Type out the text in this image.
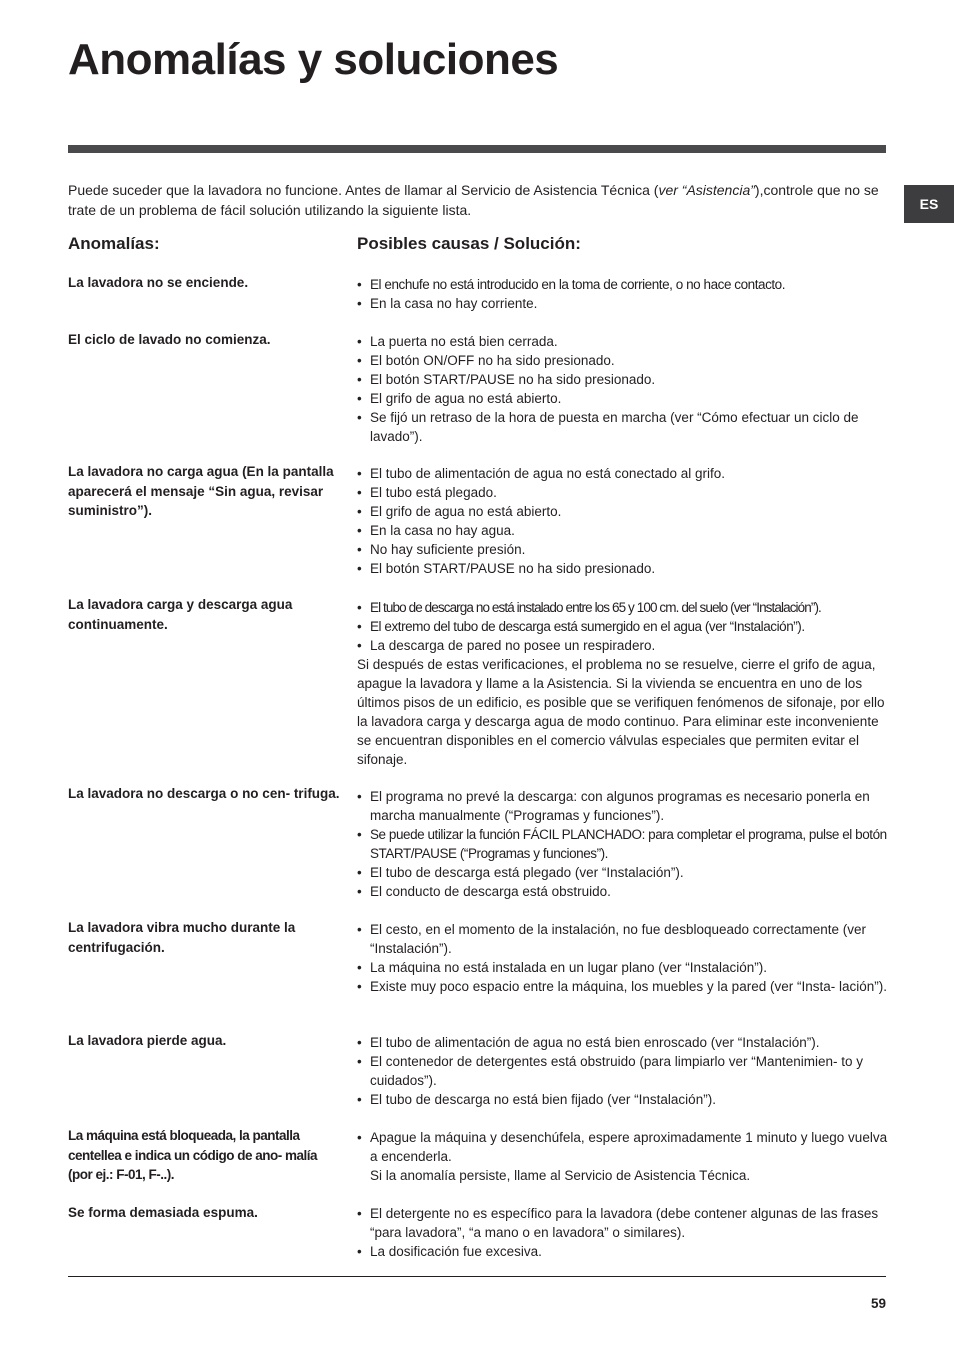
Anomalías y soluciones
ES
Puede suceder que la lavadora no funcione. Antes de llamar al Servicio de Asistencia Técnica (ver “Asistencia”),controle que no se trate de un problema de fácil solución utilizando la siguiente lista.
Anomalías:	Posibles causas / Solución:
La lavadora no se enciende.	• El enchufe no está introducido en la toma de corriente, o no hace contacto.
• En la casa no hay corriente.
El ciclo de lavado no comienza.	• La puerta no está bien cerrada.
• El botón ON/OFF no ha sido presionado.
• El botón START/PAUSE no ha sido presionado.
• El grifo de agua no está abierto.
• Se fijó un retraso de la hora de puesta en marcha (ver “Cómo efectuar un ciclo de lavado”).
La lavadora no carga agua (En la pantalla aparecerá el mensaje “Sin agua, revisar suministro”).
• El tubo de alimentación de agua no está conectado al grifo.
• El tubo está plegado.
• El grifo de agua no está abierto.
• En la casa no hay agua.
• No hay suficiente presión.
• El botón START/PAUSE no ha sido presionado.
La lavadora carga y descarga agua continuamente.
• El tubo de descarga no está instalado entre los 65 y 100 cm. del suelo (ver “Instalación”).
• El extremo del tubo de descarga está sumergido en el agua (ver “Instalación”).
• La descarga de pared no posee un respiradero.

Si después de estas verificaciones, el problema no se resuelve, cierre el grifo de agua, apague la lavadora y llame a la Asistencia. Si la vivienda se encuentra en uno de los últimos pisos de un edificio, es posible que se verifiquen fenómenos de sifonaje, por ello la lavadora carga y descarga agua de modo continuo. Para eliminar este inconveniente se encuentran disponibles en el comercio válvulas especiales que permiten evitar el sifonaje.

La lavadora no descarga o no cen- trifuga.	• El programa no prevé la descarga: con algunos programas es necesario ponerla en marcha manualmente (“Programas y funciones”).
• Se puede utilizar la función FÁCIL PLANCHADO: para completar el programa, pulse el botón START/PAUSE (“Programas y funciones”).
• El tubo de descarga está plegado (ver “Instalación”).
• El conducto de descarga está obstruido.
La lavadora vibra mucho durante la centrifugación.
• El cesto, en el momento de la instalación, no fue desbloqueado correctamente (ver “Instalación”).
• La máquina no está instalada en un lugar plano (ver “Instalación”).
• Existe muy poco espacio entre la máquina, los muebles y la pared (ver “Insta- lación”).
La lavadora pierde agua.	• El tubo de alimentación de agua no está bien enroscado (ver “Instalación”).
• El contenedor de detergentes está obstruido (para limpiarlo ver “Mantenimien- to y cuidados”).
• El tubo de descarga no está bien fijado (ver “Instalación”).
La máquina está bloqueada, la pantalla centellea e indica un código de ano- malía (por ej.: F-01, F-..).
• Apague la máquina y desenchúfela, espere aproximadamente 1 minuto y luego vuelva a encenderla.

Si la anomalía persiste, llame al Servicio de Asistencia Técnica.

Se forma demasiada espuma.	• El detergente no es específico para la lavadora (debe contener algunas de las frases “para lavadora”, “a mano o en lavadora” o similares).
• La dosificación fue excesiva.
59
